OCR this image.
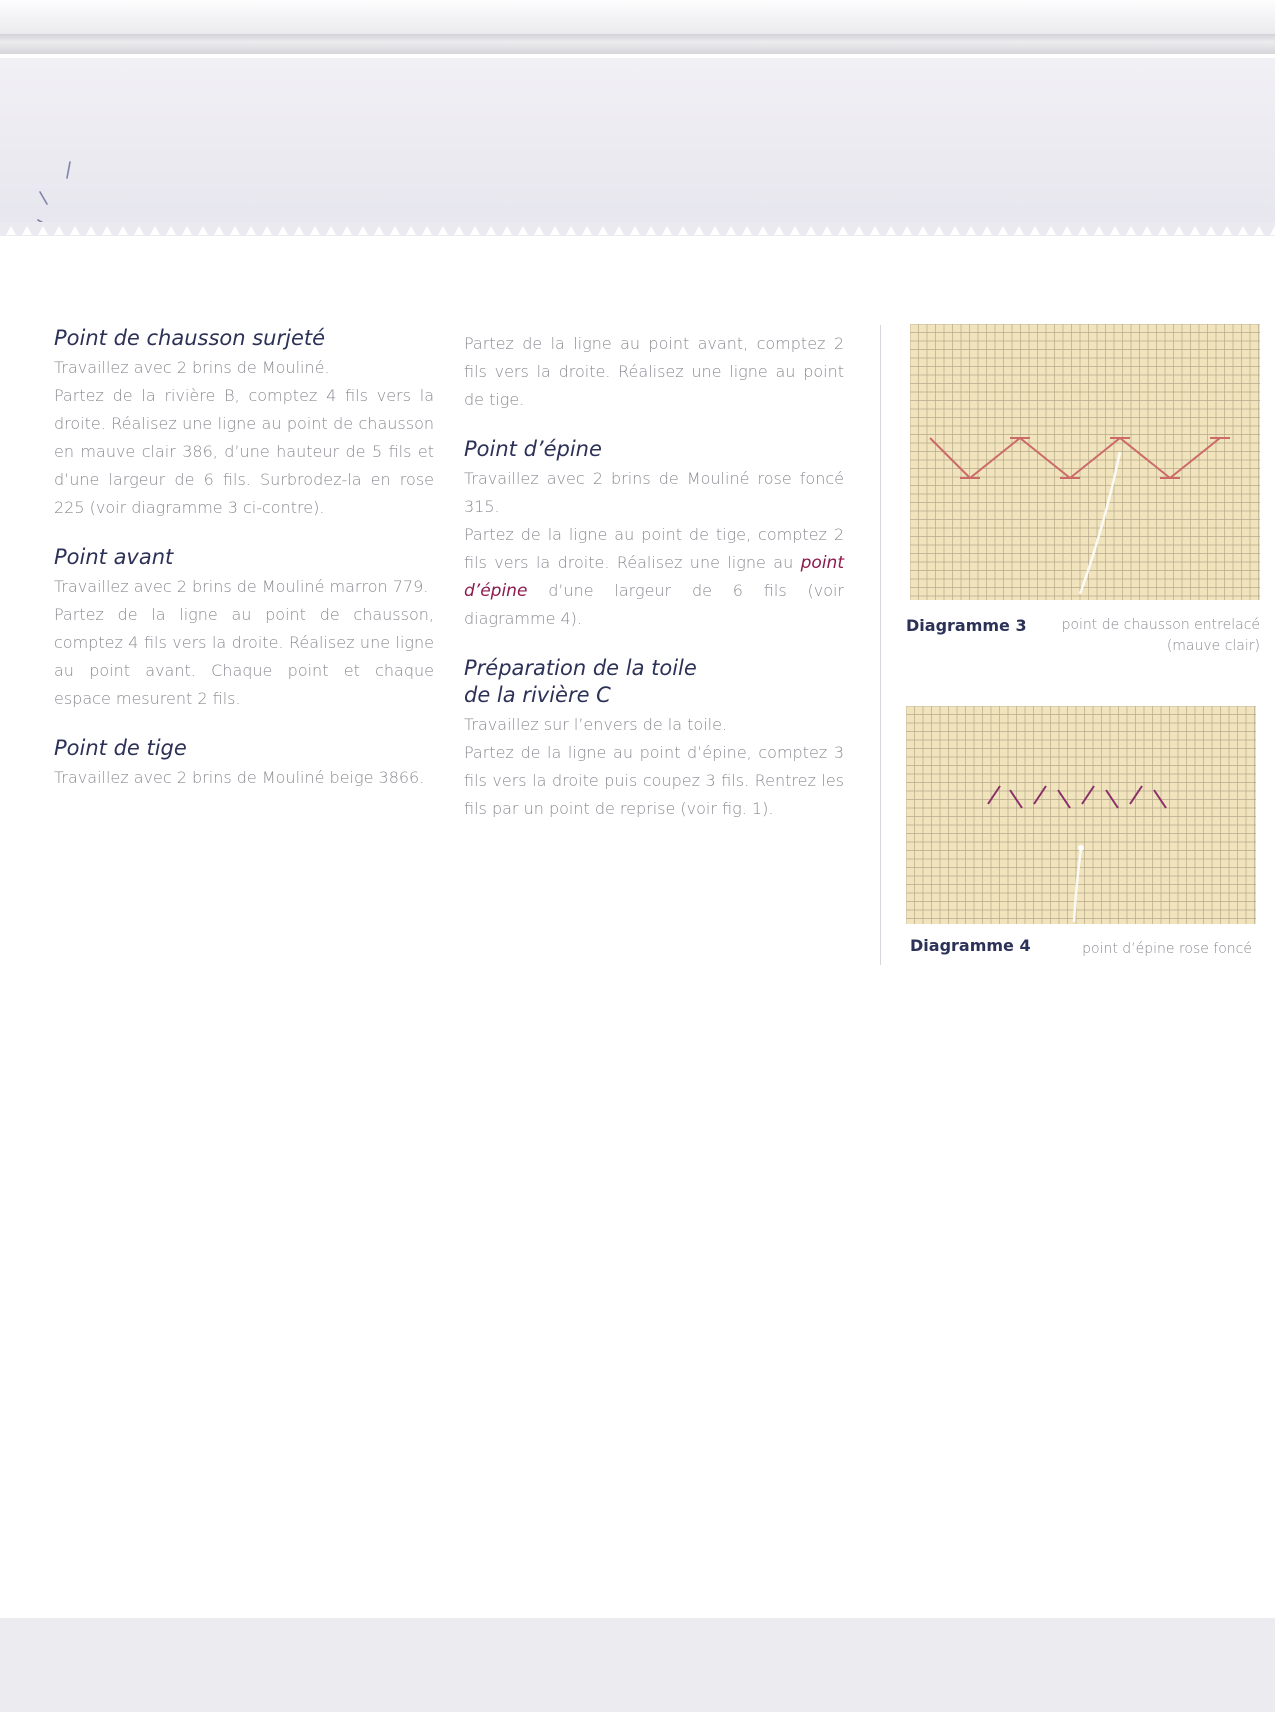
Point de chausson surjeté

Travaillez avec 2 brins de Mouliné.

Partez de la rivière B, comptez 4 fils vers la droite. Réalisez une ligne au point de chausson en mauve clair 386, d’une hauteur de 5 fils et d’une largeur de 6 fils. Surbrodez-la en rose 225 (voir diagramme 3 ci-contre).

Point avant

Travaillez avec 2 brins de Mouliné marron 779.

Partez de la ligne au point de chausson, comptez 4 fils vers la droite. Réalisez une ligne au point avant. Chaque point et chaque espace mesurent 2 fils.

Point de tige

Travaillez avec 2 brins de Mouliné beige 3866.

Partez de la ligne au point avant, comptez 2 fils vers la droite. Réalisez une ligne au point de tige.

Point d’épine

Travaillez avec 2 brins de Mouliné rose foncé 315.

Partez de la ligne au point de tige, comptez 2 fils vers la droite. Réalisez une ligne au point d’épine d’une largeur de 6 fils (voir diagramme 4).

Préparation de la toile
de la rivière C

Travaillez sur l’envers de la toile.

Partez de la ligne au point d’épine, comptez 3 fils vers la droite puis coupez 3 fils. Rentrez les fils par un point de reprise (voir fig. 1).

Diagramme 3	point de chausson entrelacé
(mauve clair)
Diagramme 4	point d’épine rose foncé
